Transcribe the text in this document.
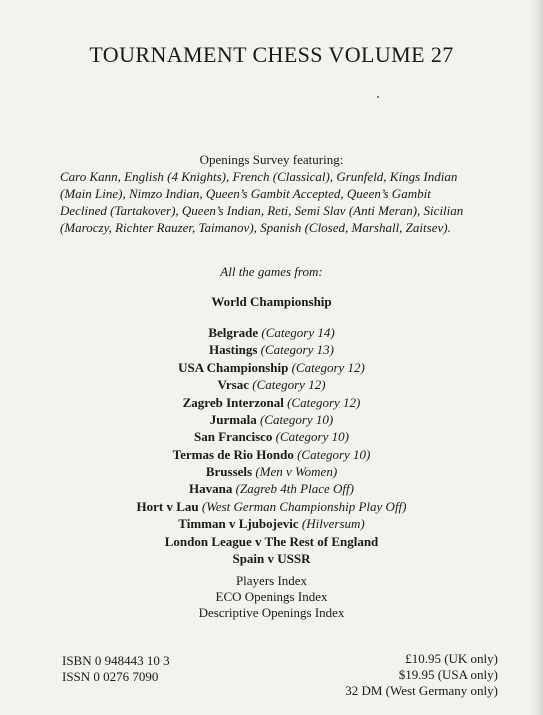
TOURNAMENT CHESS VOLUME 27
Openings Survey featuring:
Caro Kann, English (4 Knights), French (Classical), Grunfeld, Kings Indian
(Main Line), Nimzo Indian, Queen’s Gambit Accepted, Queen’s Gambit
Declined (Tartakover), Queen’s Indian, Reti, Semi Slav (Anti Meran), Sicilian
(Maroczy, Richter Rauzer, Taimanov), Spanish (Closed, Marshall, Zaitsev).
All the games from:
World Championship
Belgrade (Category 14)
Hastings (Category 13)
USA Championship (Category 12)
Vrsac (Category 12)
Zagreb Interzonal (Category 12)
Jurmala (Category 10)
San Francisco (Category 10)
Termas de Rio Hondo (Category 10)
Brussels (Men v Women)
Havana (Zagreb 4th Place Off)
Hort v Lau (West German Championship Play Off)
Timman v Ljubojevic (Hilversum)
London League v The Rest of England
Spain v USSR
Players Index
ECO Openings Index
Descriptive Openings Index
ISBN 0 948443 10 3
ISSN 0 0276 7090
£10.95 (UK only)
$19.95 (USA only)
32 DM (West Germany only)
